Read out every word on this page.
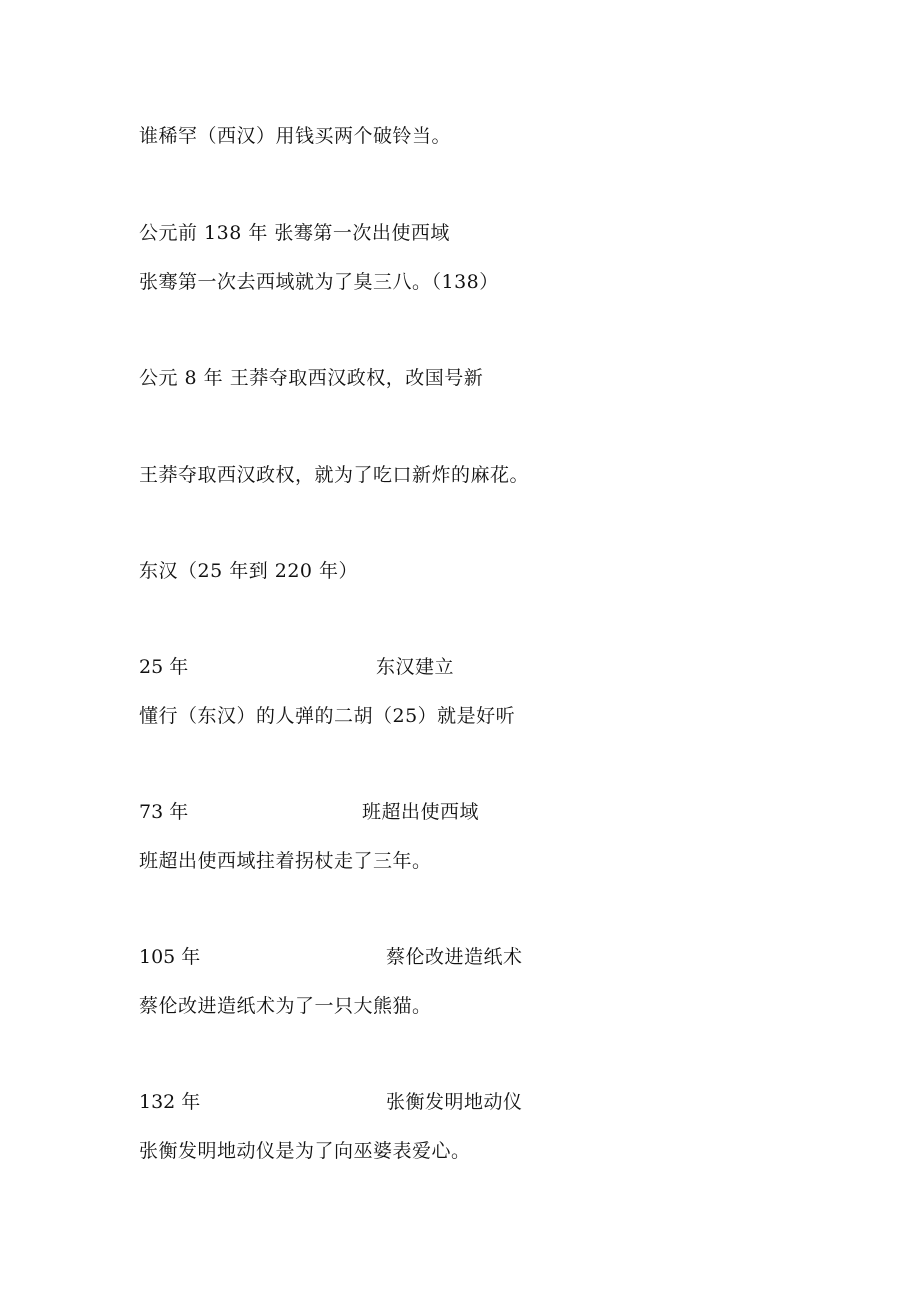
谁稀罕（西汉）用钱买两个破铃当。
公元前 138 年 张骞第一次出使西域
张骞第一次去西域就为了臭三八。（138）
公元 8 年 王莽夺取西汉政权，改国号新
王莽夺取西汉政权，就为了吃口新炸的麻花。
东汉（25 年到 220 年）
25 年	东汉建立
懂行（东汉）的人弹的二胡（25）就是好听
73 年	班超出使西域
班超出使西域拄着拐杖走了三年。
105 年	蔡伦改进造纸术
蔡伦改进造纸术为了一只大熊猫。
132 年	张衡发明地动仪
张衡发明地动仪是为了向巫婆表爱心。
